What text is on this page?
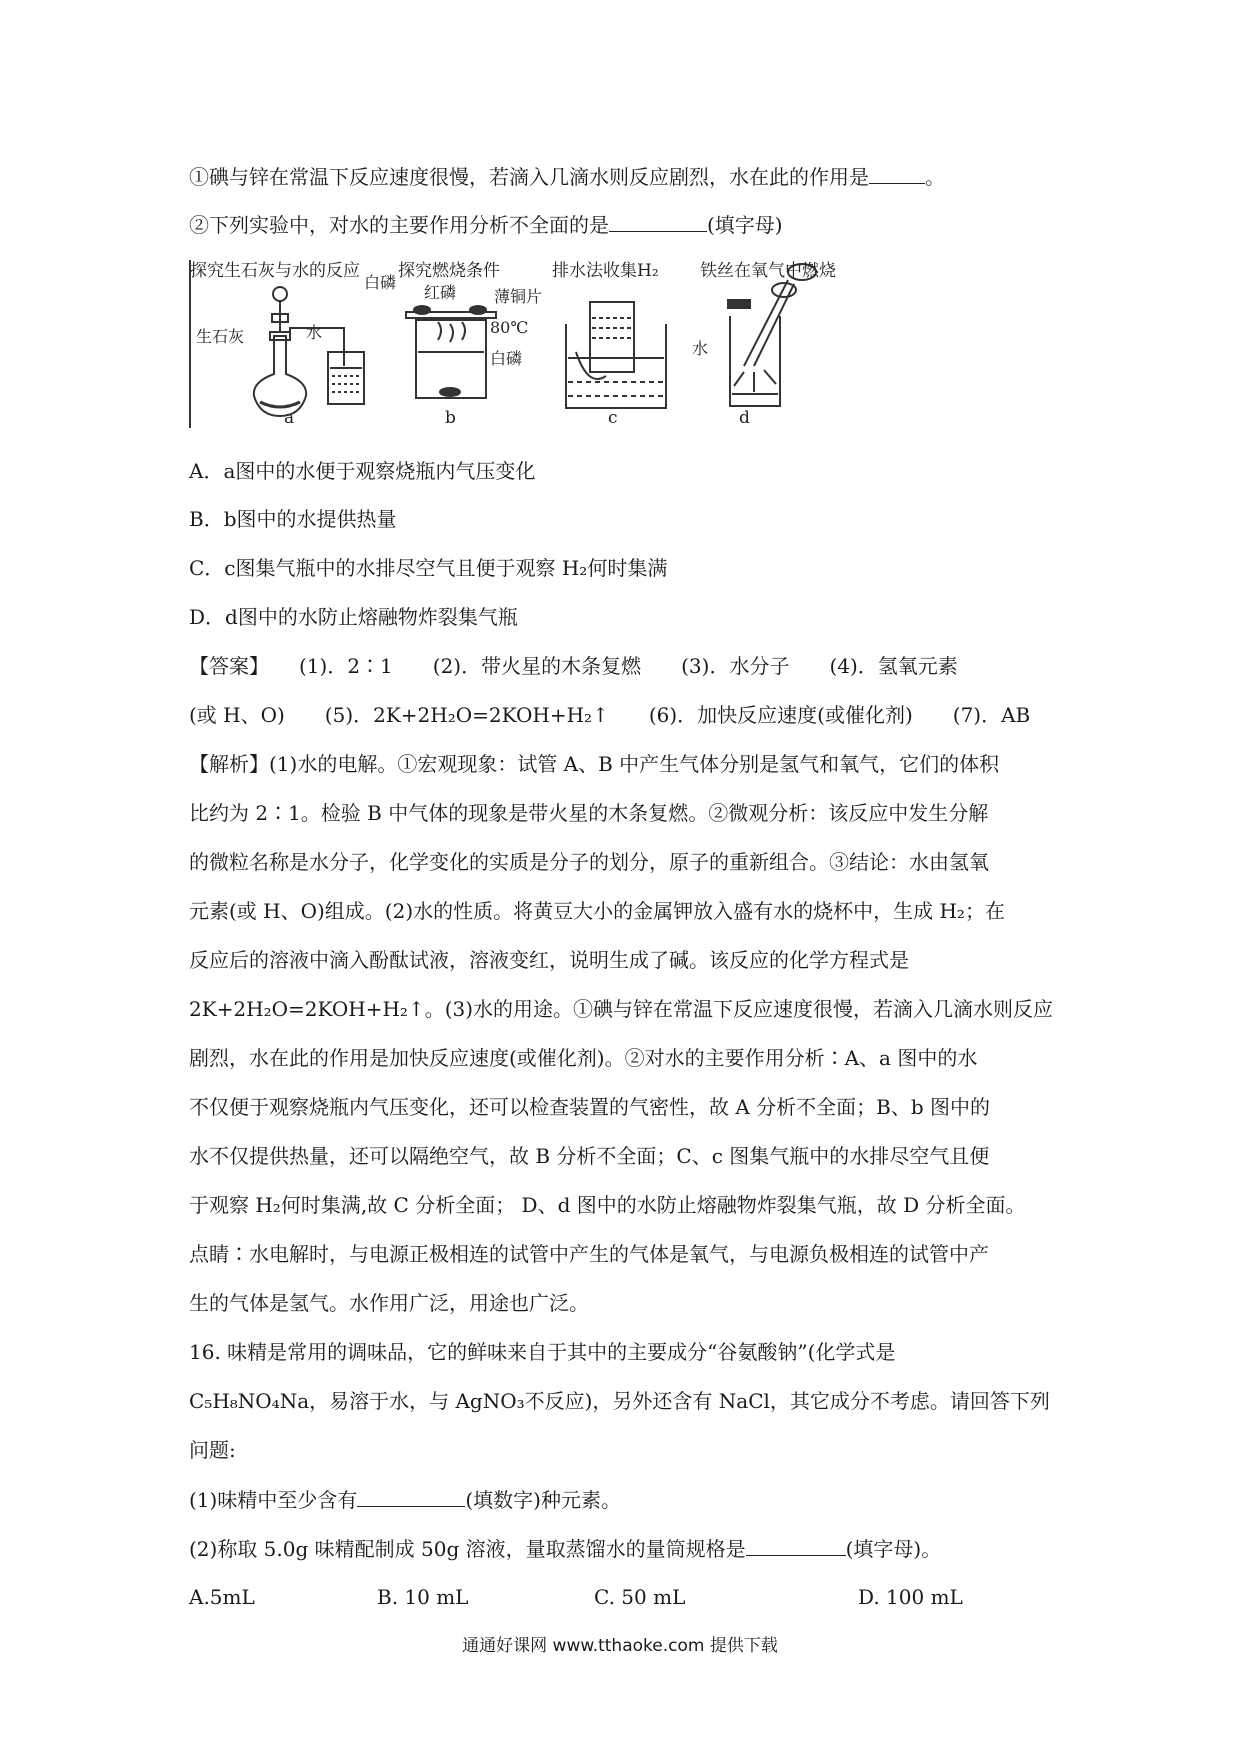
①碘与锌在常温下反应速度很慢，若滴入几滴水则反应剧烈，水在此的作用是	。
②下列实验中，对水的主要作用分析不全面的是	(填字母)
探究生石灰与水的反应 探究燃烧条件	排水法收集H₂ 铁丝在氧气中燃烧
生石灰	水
红磷
白磷
薄铜片
80℃
白磷
水
a	b	c	d
A．a图中的水便于观察烧瓶内气压变化
B．b图中的水提供热量
C．c图集气瓶中的水排尽空气且便于观察 H₂何时集满
D．d图中的水防止熔融物炸裂集气瓶
【答案】　　(1)．2∶1　　(2)．带火星的木条复燃　　(3)．水分子　　(4)．氢氧元素
(或 H、O)　　(5)．2K+2H₂O=2KOH+H₂↑　　(6)．加快反应速度(或催化剂)　　(7)．AB
【解析】(1)水的电解。①宏观现象：试管 A、B 中产生气体分别是氢气和氧气，它们的体积
比约为 2∶1。检验 B 中气体的现象是带火星的木条复燃。②微观分析：该反应中发生分解
的微粒名称是水分子，化学变化的实质是分子的划分，原子的重新组合。③结论：水由氢氧
元素(或 H、O)组成。(2)水的性质。将黄豆大小的金属钾放入盛有水的烧杯中，生成 H₂；在
反应后的溶液中滴入酚酞试液，溶液变红，说明生成了碱。该反应的化学方程式是
2K+2H₂O=2KOH+H₂↑。(3)水的用途。①碘与锌在常温下反应速度很慢，若滴入几滴水则反应
剧烈，水在此的作用是加快反应速度(或催化剂)。②对水的主要作用分析∶A、a 图中的水
不仅便于观察烧瓶内气压变化，还可以检查装置的气密性，故 A 分析不全面；B、b 图中的
水不仅提供热量，还可以隔绝空气，故 B 分析不全面；C、c 图集气瓶中的水排尽空气且便
于观察 H₂何时集满,故 C 分析全面； D、d 图中的水防止熔融物炸裂集气瓶，故 D 分析全面。
点睛∶水电解时，与电源正极相连的试管中产生的气体是氧气，与电源负极相连的试管中产
生的气体是氢气。水作用广泛，用途也广泛。
16. 味精是常用的调味品，它的鲜味来自于其中的主要成分“谷氨酸钠”(化学式是
C₅H₈NO₄Na，易溶于水，与 AgNO₃不反应)，另外还含有 NaCl，其它成分不考虑。请回答下列
问题:
(1)味精中至少含有	(填数字)种元素。
(2)称取 5.0g 味精配制成 50g 溶液，量取蒸馏水的量筒规格是	(填字母)。
A.5mL	B. 10 mL	C. 50 mL	D. 100 mL
通通好课网 www.tthaoke.com 提供下载
